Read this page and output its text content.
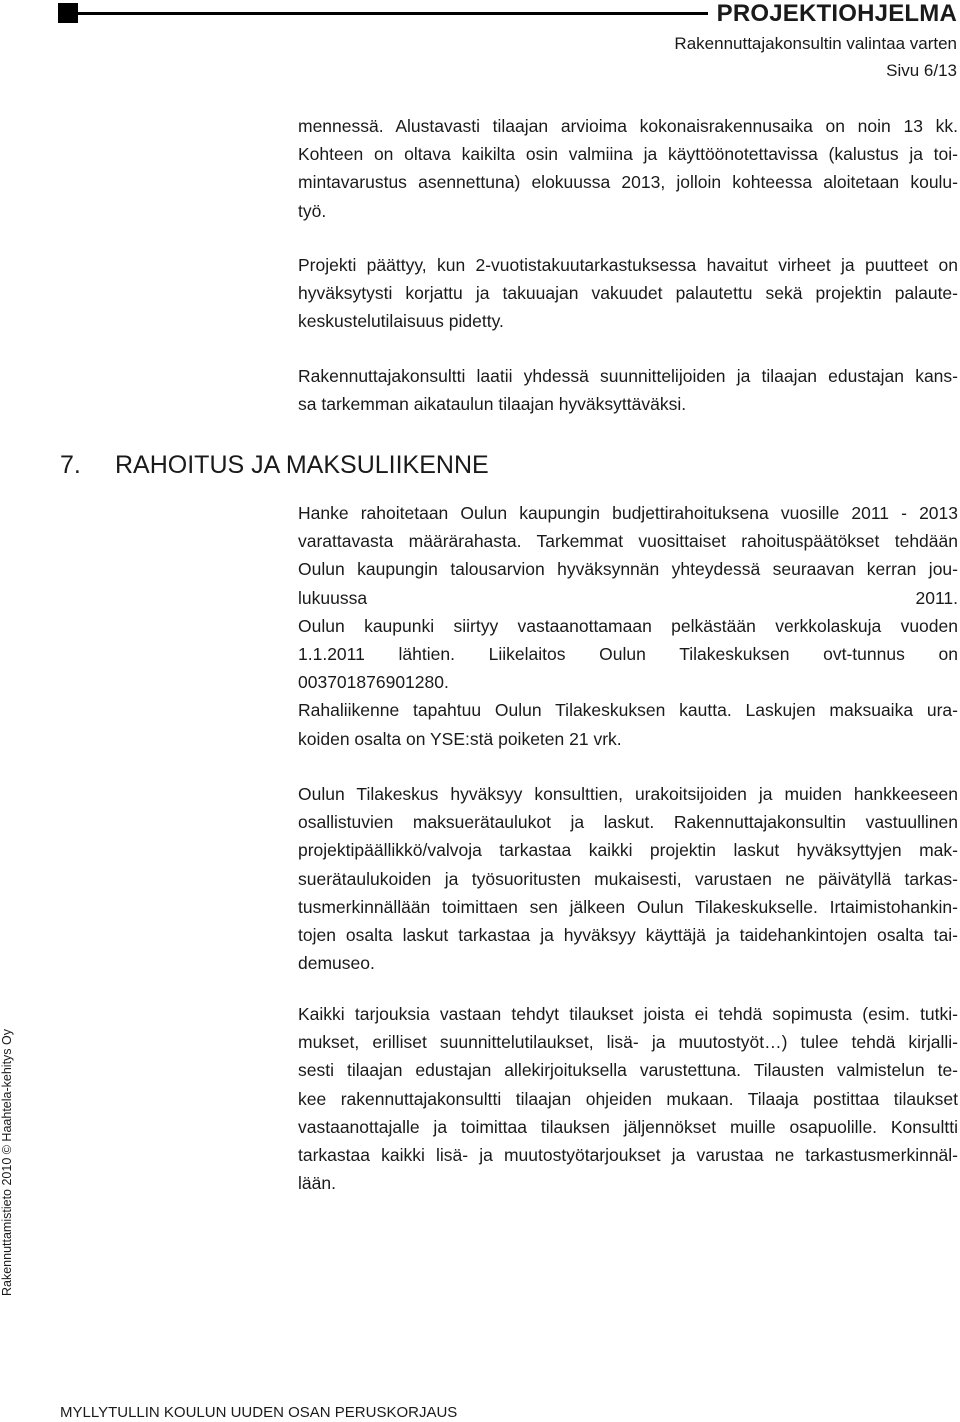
PROJEKTIOHJELMA
Rakennuttajakonsultin valintaa varten
Sivu 6/13

mennessä. Alustavasti tilaajan arvioima kokonaisrakennusaika on noin 13 kk.

Kohteen on oltava kaikilta osin valmiina ja käyttöönotettavissa (kalustus ja toi-

mintavarustus asennettuna) elokuussa 2013, jolloin kohteessa aloitetaan koulu-

työ.

Projekti päättyy, kun 2-vuotistakuutarkastuksessa havaitut virheet ja puutteet on

hyväksytysti korjattu ja takuuajan vakuudet palautettu sekä projektin palaute-

keskustelutilaisuus pidetty.

Rakennuttajakonsultti laatii yhdessä suunnittelijoiden ja tilaajan edustajan kans-

sa tarkemman aikataulun tilaajan hyväksyttäväksi.

7. RAHOITUS JA MAKSULIIKENNE

Hanke rahoitetaan Oulun kaupungin budjettirahoituksena vuosille 2011 - 2013

varattavasta määrärahasta. Tarkemmat vuosittaiset rahoituspäätökset tehdään

Oulun kaupungin talousarvion hyväksynnän yhteydessä seuraavan kerran jou-

lukuussa 2011.

Oulun kaupunki siirtyy vastaanottamaan pelkästään verkkolaskuja vuoden

1.1.2011 lähtien. Liikelaitos Oulun Tilakeskuksen ovt-tunnus on

003701876901280.

Rahaliikenne tapahtuu Oulun Tilakeskuksen kautta. Laskujen maksuaika ura-

koiden osalta on YSE:stä poiketen 21 vrk.

Oulun Tilakeskus hyväksyy konsulttien, urakoitsijoiden ja muiden hankkeeseen

osallistuvien maksuerätaulukot ja laskut. Rakennuttajakonsultin vastuullinen

projektipäällikkö/valvoja tarkastaa kaikki projektin laskut hyväksyttyjen mak-

suerätaulukoiden ja työsuoritusten mukaisesti, varustaen ne päivätyllä tarkas-

tusmerkinnällään toimittaen sen jälkeen Oulun Tilakeskukselle. Irtaimistohankin-

tojen osalta laskut tarkastaa ja hyväksyy käyttäjä ja taidehankintojen osalta tai-

demuseo.

Kaikki tarjouksia vastaan tehdyt tilaukset joista ei tehdä sopimusta (esim. tutki-

mukset, erilliset suunnittelutilaukset, lisä- ja muutostyöt…) tulee tehdä kirjalli-

sesti tilaajan edustajan allekirjoituksella varustettuna. Tilausten valmistelun te-

kee rakennuttajakonsultti tilaajan ohjeiden mukaan. Tilaaja postittaa tilaukset

vastaanottajalle ja toimittaa tilauksen jäljennökset muille osapuolille. Konsultti

tarkastaa kaikki lisä- ja muutostyötarjoukset ja varustaa ne tarkastusmerkinnäl-

lään.

Rakennuttamistieto 2010 © Haahtela-kehitys Oy
MYLLYTULLIN KOULUN UUDEN OSAN PERUSKORJAUS
